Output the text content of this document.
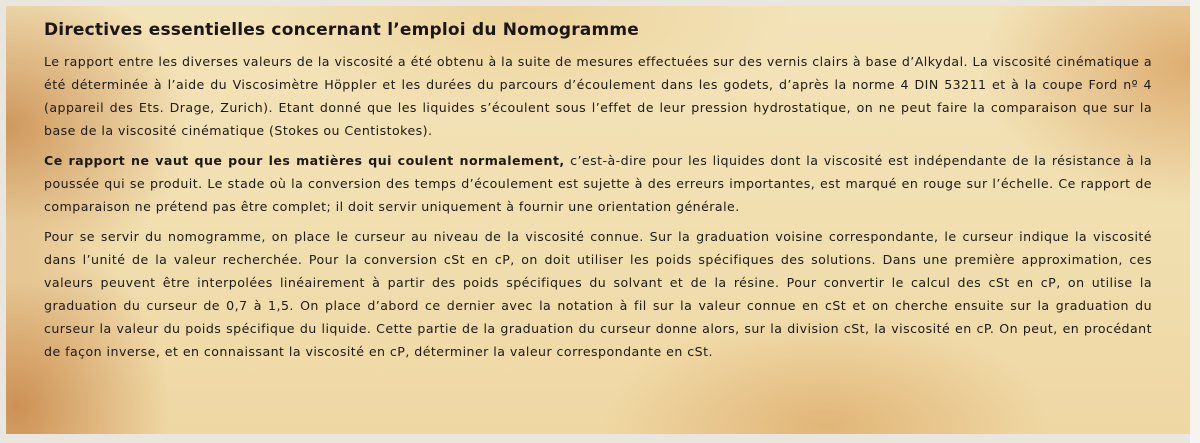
Directives essentielles concernant l’emploi du Nomogramme

Le rapport entre les diverses valeurs de la viscosité a été obtenu à la suite de mesures effectuées sur des vernis clairs à base d’Alkydal. La viscosité cinématique a été déterminée à l’aide du Viscosimètre Höppler et les durées du parcours d’écoulement dans les godets, d’après la norme 4 DIN 53211 et à la coupe Ford nº 4 (appareil des Ets. Drage, Zurich). Etant donné que les liquides s’écoulent sous l’effet de leur pression hydrostatique, on ne peut faire la comparaison que sur la base de la viscosité cinématique (Stokes ou Centistokes).

Ce rapport ne vaut que pour les matières qui coulent normalement, c’est-à-dire pour les liquides dont la viscosité est indépendante de la résistance à la poussée qui se produit. Le stade où la conversion des temps d’écoulement est sujette à des erreurs importantes, est marqué en rouge sur l’échelle. Ce rapport de comparaison ne prétend pas être complet; il doit servir uniquement à fournir une orientation générale.

Pour se servir du nomogramme, on place le curseur au niveau de la viscosité connue. Sur la graduation voisine correspondante, le curseur indique la viscosité dans l’unité de la valeur recherchée. Pour la conversion cSt en cP, on doit utiliser les poids spécifiques des solutions. Dans une première approximation, ces valeurs peuvent être interpolées linéairement à partir des poids spécifiques du solvant et de la résine. Pour convertir le calcul des cSt en cP, on utilise la graduation du curseur de 0,7 à 1,5. On place d’abord ce dernier avec la notation à fil sur la valeur connue en cSt et on cherche ensuite sur la graduation du curseur la valeur du poids spécifique du liquide. Cette partie de la graduation du curseur donne alors, sur la division cSt, la viscosité en cP. On peut, en procédant de façon inverse, et en connaissant la viscosité en cP, déterminer la valeur correspondante en cSt.
